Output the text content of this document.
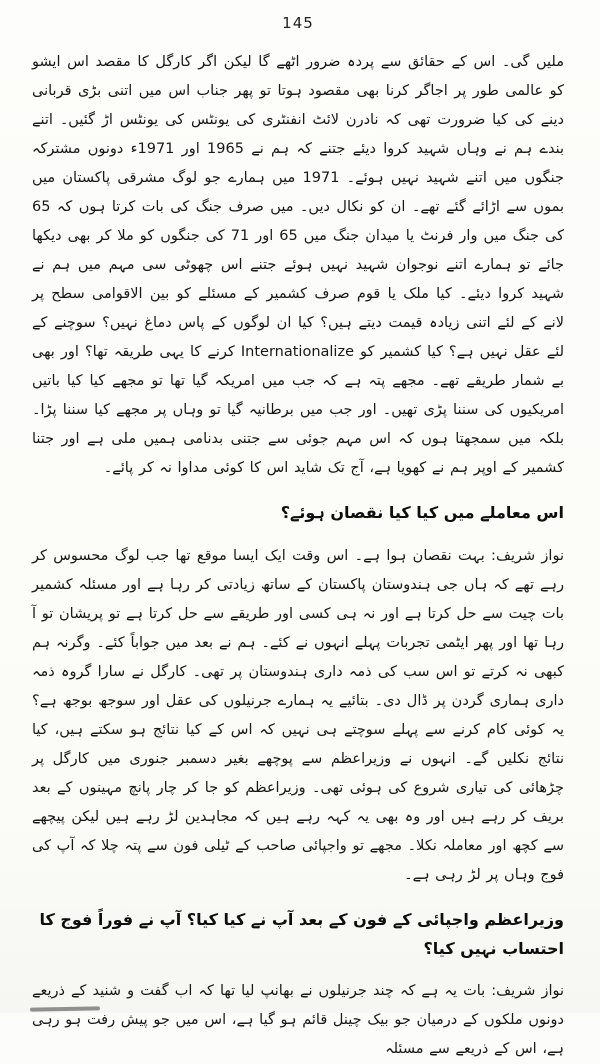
145

ملیں گی۔ اس کے حقائق سے پردہ ضرور اٹھے گا لیکن اگر کارگل کا مقصد اس ایشو کو عالمی طور پر اجاگر کرنا بھی مقصود ہوتا تو پھر جناب اس میں اتنی بڑی قربانی دینے کی کیا ضرورت تھی کہ نادرن لائٹ انفنٹری کی یونٹس کی یونٹس اڑ گئیں۔ اتنے بندے ہم نے وہاں شہید کروا دیئے جتنے کہ ہم نے 1965 اور 1971ء دونوں مشترکہ جنگوں میں اتنے شہید نہیں ہوئے۔ 1971 میں ہمارے جو لوگ مشرقی پاکستان میں بموں سے اڑائے گئے تھے۔ ان کو نکال دیں۔ میں صرف جنگ کی بات کرتا ہوں کہ 65 کی جنگ میں وار فرنٹ یا میدان جنگ میں 65 اور 71 کی جنگوں کو ملا کر بھی دیکھا جائے تو ہمارے اتنے نوجوان شہید نہیں ہوئے جتنے اس چھوٹی سی مہم میں ہم نے شہید کروا دیئے۔ کیا ملک یا قوم صرف کشمیر کے مسئلے کو بین الاقوامی سطح پر لانے کے لئے اتنی زیادہ قیمت دیتے ہیں؟ کیا ان لوگوں کے پاس دماغ نہیں؟ سوچنے کے لئے عقل نہیں ہے؟ کیا کشمیر کو Internationalize کرنے کا یہی طریقہ تھا؟ اور بھی بے شمار طریقے تھے۔ مجھے پتہ ہے کہ جب میں امریکہ گیا تھا تو مجھے کیا کیا باتیں امریکیوں کی سننا پڑی تھیں۔ اور جب میں برطانیہ گیا تو وہاں پر مجھے کیا سننا پڑا۔ بلکہ میں سمجھتا ہوں کہ اس مہم جوئی سے جتنی بدنامی ہمیں ملی ہے اور جتنا کشمیر کے اوپر ہم نے کھویا ہے، آج تک شاید اس کا کوئی مداوا نہ کر پائے۔

اس معاملے میں کیا کیا نقصان ہوئے؟

نواز شریف: بہت نقصان ہوا ہے۔ اس وقت ایک ایسا موقع تھا جب لوگ محسوس کر رہے تھے کہ ہاں جی ہندوستان پاکستان کے ساتھ زیادتی کر رہا ہے اور مسئلہ کشمیر بات چیت سے حل کرتا ہے اور نہ ہی کسی اور طریقے سے حل کرتا ہے تو پریشان تو آ رہا تھا اور پھر ایٹمی تجربات پہلے انہوں نے کئے۔ ہم نے بعد میں جواباً کئے۔ وگرنہ ہم کبھی نہ کرتے تو اس سب کی ذمہ داری ہندوستان پر تھی۔ کارگل نے سارا گروہ ذمہ داری ہماری گردن پر ڈال دی۔ بتائیے یہ ہمارے جرنیلوں کی عقل اور سوجھ بوجھ ہے؟ یہ کوئی کام کرنے سے پہلے سوچتے ہی نہیں کہ اس کے کیا نتائج ہو سکتے ہیں، کیا نتائج نکلیں گے۔ انہوں نے وزیراعظم سے پوچھے بغیر دسمبر جنوری میں کارگل پر چڑھائی کی تیاری شروع کی ہوئی تھی۔ وزیراعظم کو جا کر چار پانچ مہینوں کے بعد بریف کر رہے ہیں اور وہ بھی یہ کہہ رہے ہیں کہ مجاہدین لڑ رہے ہیں لیکن پیچھے سے کچھ اور معاملہ نکلا۔ مجھے تو واجپائی صاحب کے ٹیلی فون سے پتہ چلا کہ آپ کی فوج وہاں پر لڑ رہی ہے۔

وزیراعظم واجپائی کے فون کے بعد آپ نے کیا کیا؟ آپ نے فوراً فوج کا احتساب نہیں کیا؟

نواز شریف: بات یہ ہے کہ چند جرنیلوں نے بھانپ لیا تھا کہ اب گفت و شنید کے ذریعے دونوں ملکوں کے درمیان جو بیک چینل قائم ہو گیا ہے، اس میں جو پیش رفت ہو رہی ہے، اس کے ذریعے سے مسئلہ
